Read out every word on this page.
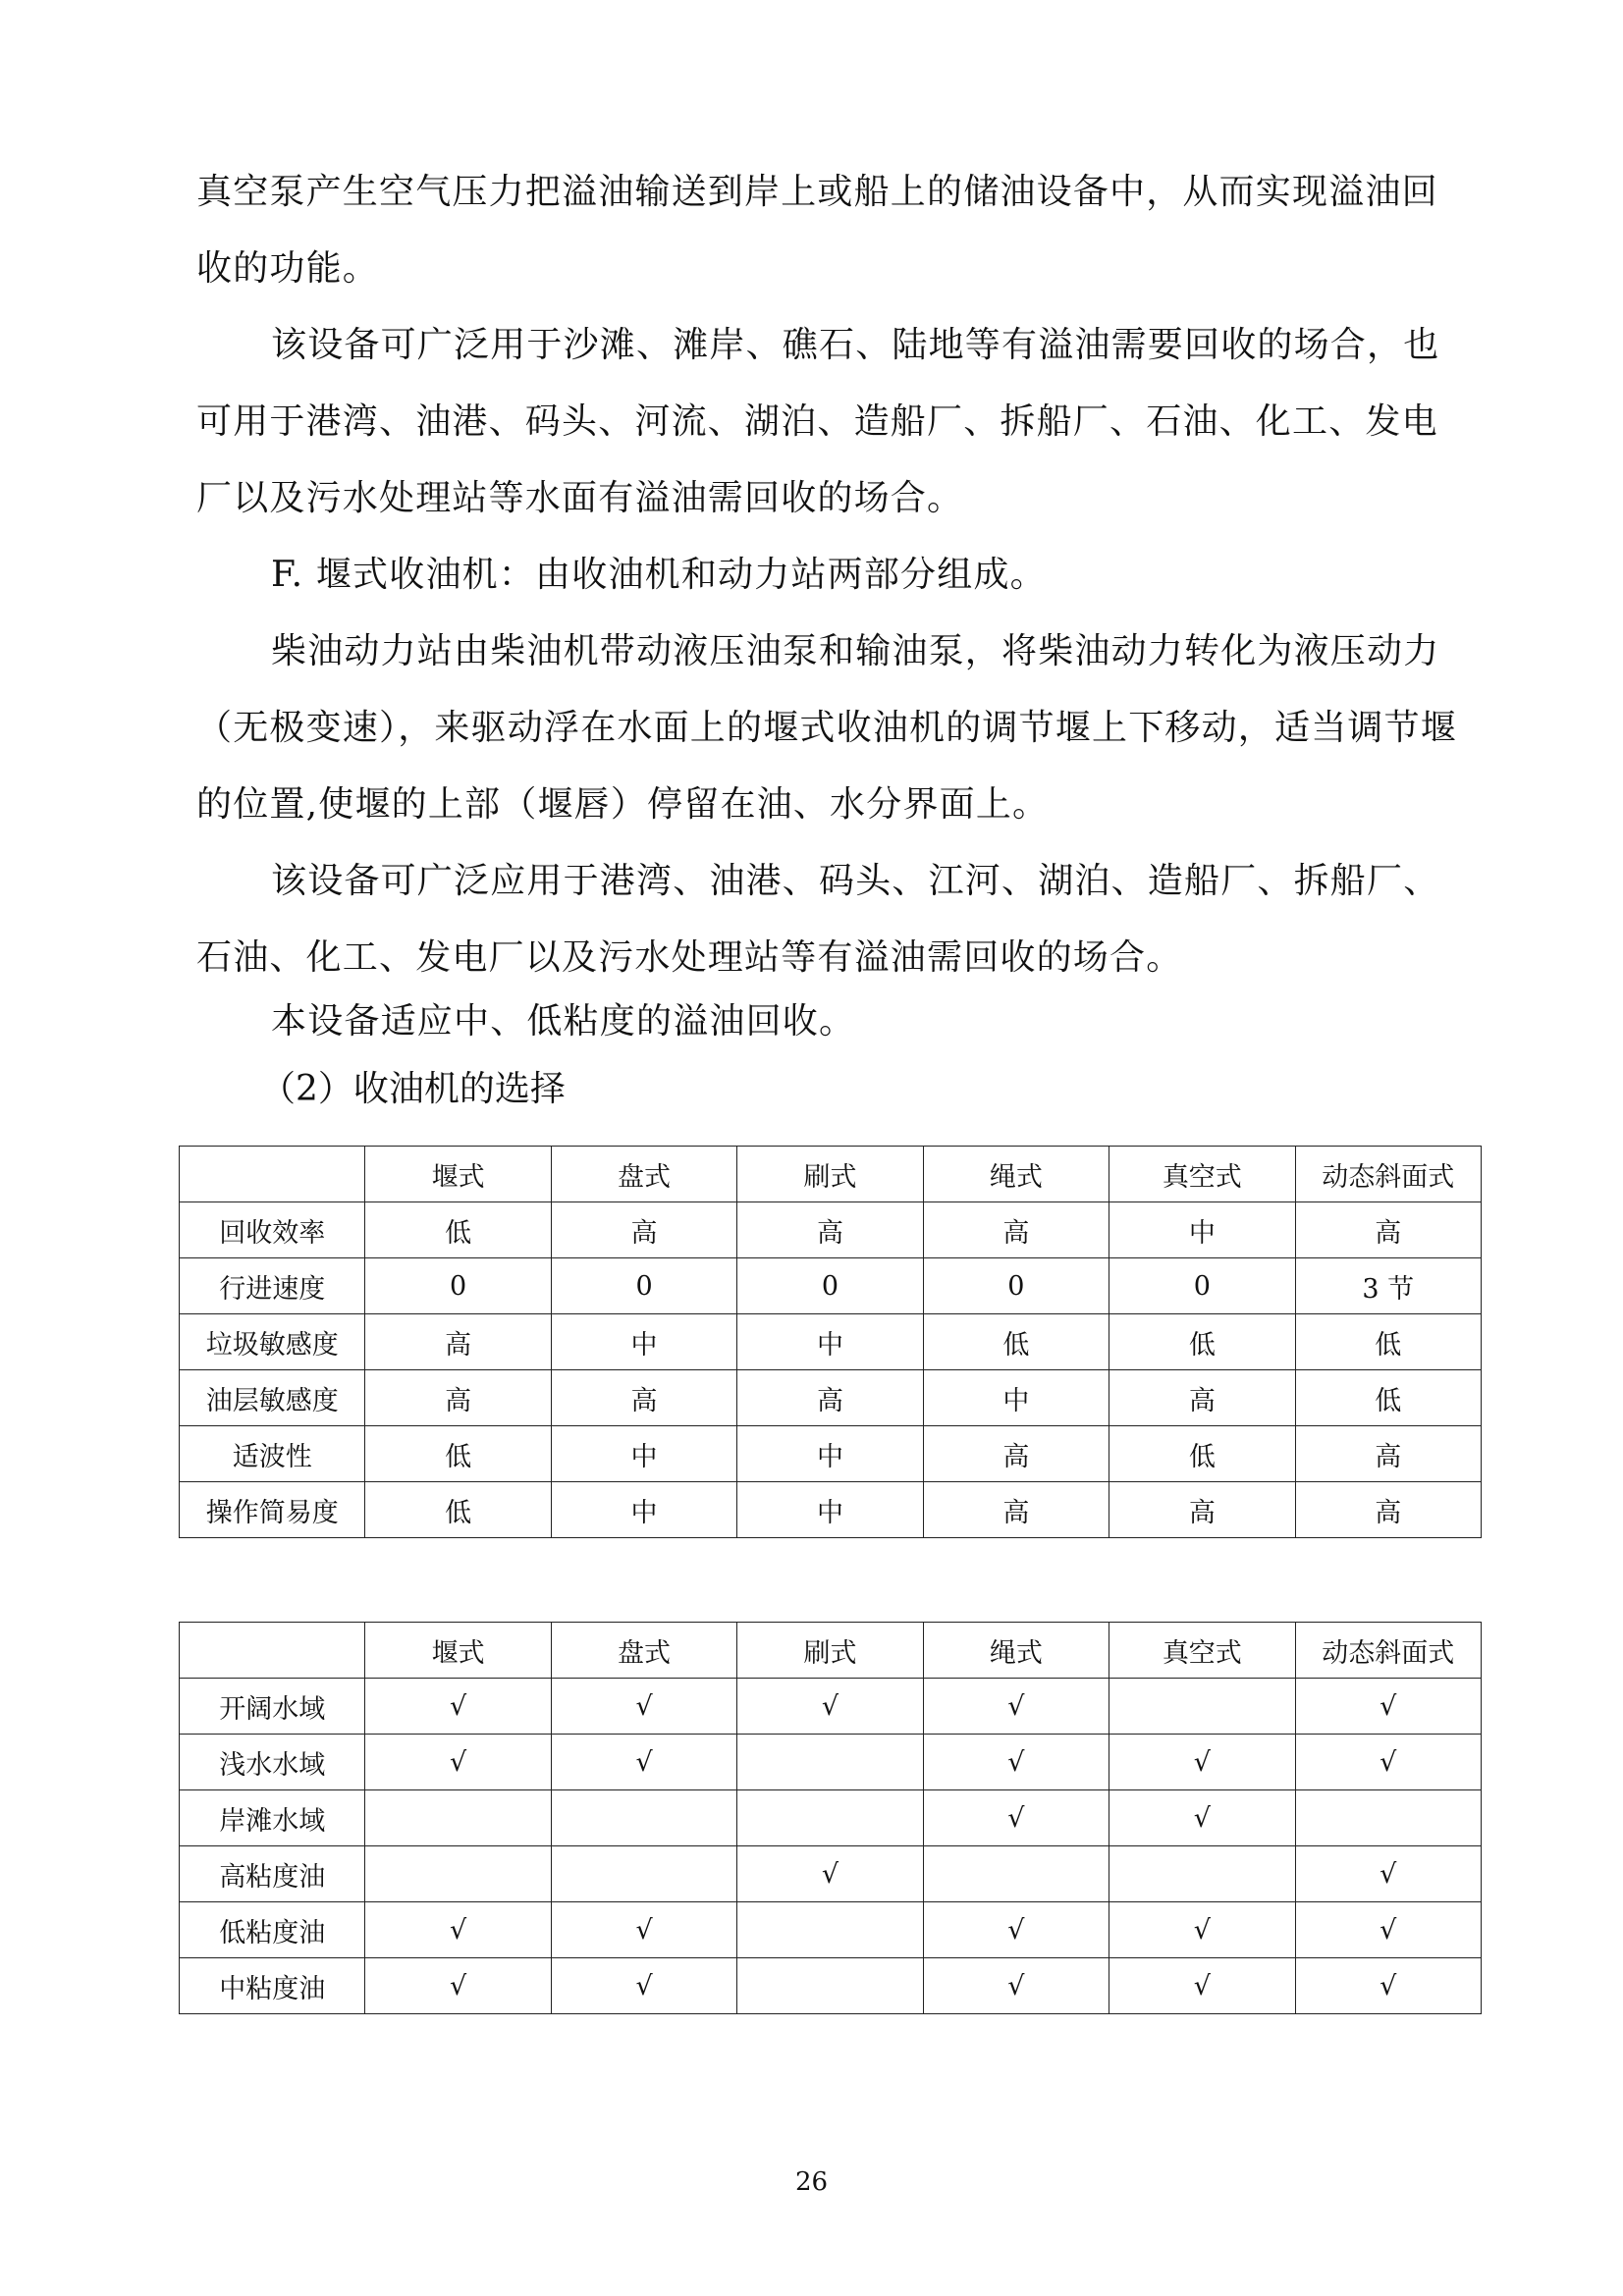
真空泵产生空气压力把溢油输送到岸上或船上的储油设备中，从而实现溢油回收的功能。

该设备可广泛用于沙滩、滩岸、礁石、陆地等有溢油需要回收的场合，也可用于港湾、油港、码头、河流、湖泊、造船厂、拆船厂、石油、化工、发电厂以及污水处理站等水面有溢油需回收的场合。

F. 堰式收油机：由收油机和动力站两部分组成。

柴油动力站由柴油机带动液压油泵和输油泵，将柴油动力转化为液压动力（无极变速），来驱动浮在水面上的堰式收油机的调节堰上下移动，适当调节堰的位置,使堰的上部（堰唇）停留在油、水分界面上。

该设备可广泛应用于港湾、油港、码头、江河、湖泊、造船厂、拆船厂、石油、化工、发电厂以及污水处理站等有溢油需回收的场合。

本设备适应中、低粘度的溢油回收。

（2）收油机的选择

	堰式	盘式	刷式	绳式	真空式	动态斜面式
回收效率	低	高	高	高	中	高
行进速度	0	0	0	0	0	3 节
垃圾敏感度	高	中	中	低	低	低
油层敏感度	高	高	高	中	高	低
适波性	低	中	中	高	低	高
操作简易度	低	中	中	高	高	高
	堰式	盘式	刷式	绳式	真空式	动态斜面式
开阔水域	√	√	√	√		√
浅水水域	√	√		√	√	√
岸滩水域				√	√	
高粘度油			√			√
低粘度油	√	√		√	√	√
中粘度油	√	√		√	√	√
26
